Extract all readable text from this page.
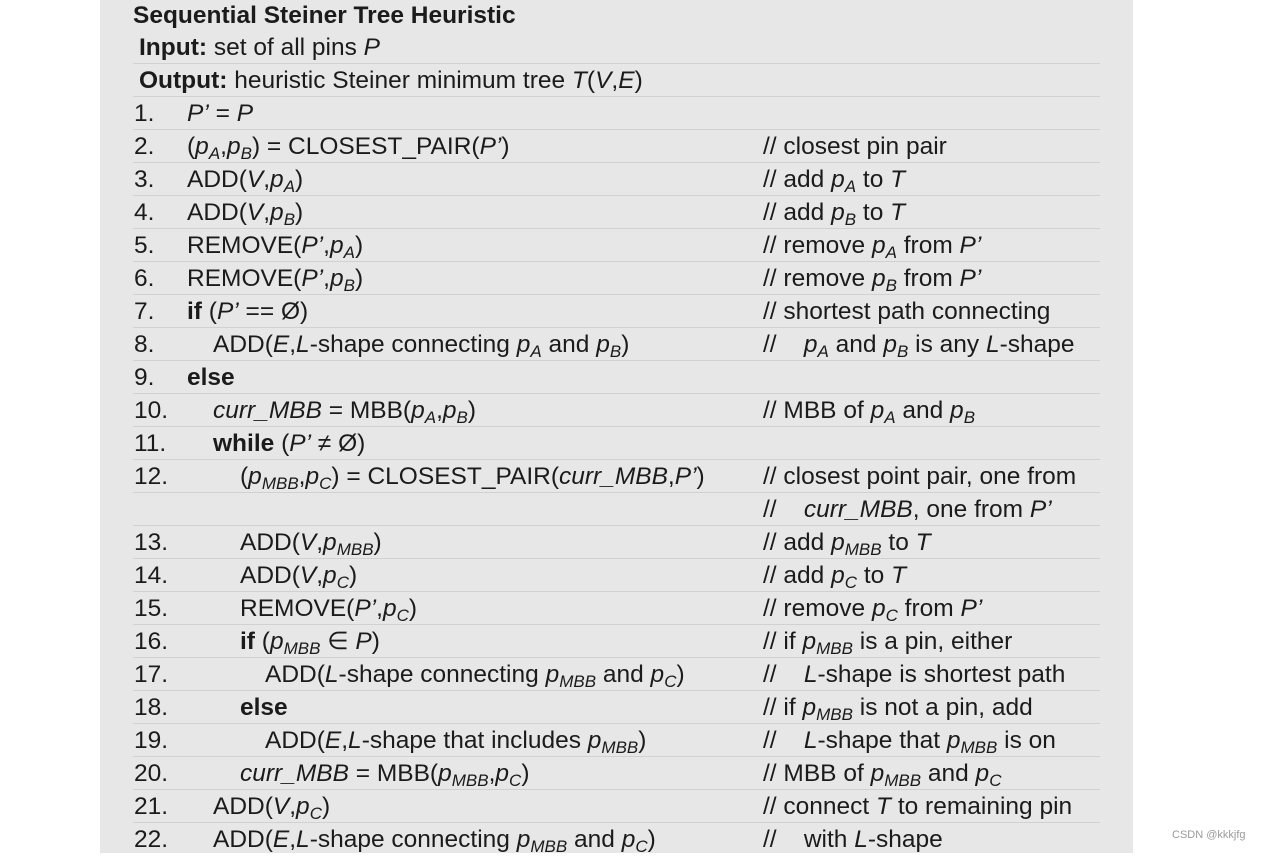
Sequential Steiner Tree Heuristic
Input: set of all pins P
Output: heuristic Steiner minimum tree T(V,E)
1. P’ = P
2. $(p_A,p_B)$ = CLOSEST_PAIR(P’)	// closest pin pair
3. $ADD(V,p_A)$	// add $p_A$ to T
4. $ADD(V,p_B)$	// add $p_B$ to T
5. $REMOVE(P’,p_A)$	// remove $p_A$ from P’
6. $REMOVE(P’,p_B)$	// remove $p_B$ from P’
7. if (P’ == Ø)	// shortest path connecting
8. ADD(E,L-shape connecting $p_A$ and $p_B$)	//    $p_A$ and $p_B$ is any L-shape
9. else
10. curr_MBB = $MBB(p_A,p_B)$	// MBB of $p_A$ and $p_B$
11. while (P’ ≠ Ø)
12.	$(p_{MBB},p_C)$ = CLOSEST_PAIR(curr_MBB,P’) // closest point pair, one from
//    curr_MBB, one from P’
13.	$ADD(V,p_{MBB})$	// add $p_{MBB}$ to T
14.	$ADD(V,p_C)$	// add $p_C$ to T
15.	$REMOVE(P’,p_C)$	// remove $p_C$ from P’
16.	if ($p_{MBB}$ ∈ P)	// if $p_{MBB}$ is a pin, either
17.	ADD(L-shape connecting $p_{MBB}$ and $p_C$)	//    L-shape is shortest path
18.	else	// if $p_{MBB}$ is not a pin, add
19.	ADD(E,L-shape that includes $p_{MBB}$)	//    L-shape that $p_{MBB}$ is on
20.	curr_MBB = $MBB(p_{MBB},p_C)$	// MBB of $p_{MBB}$ and $p_C$
21. $ADD(V,p_C)$	// connect T to remaining pin
22. ADD(E,L-shape connecting $p_{MBB}$ and $p_C$)	//    with L-shape	CSDN @kkkjfg
